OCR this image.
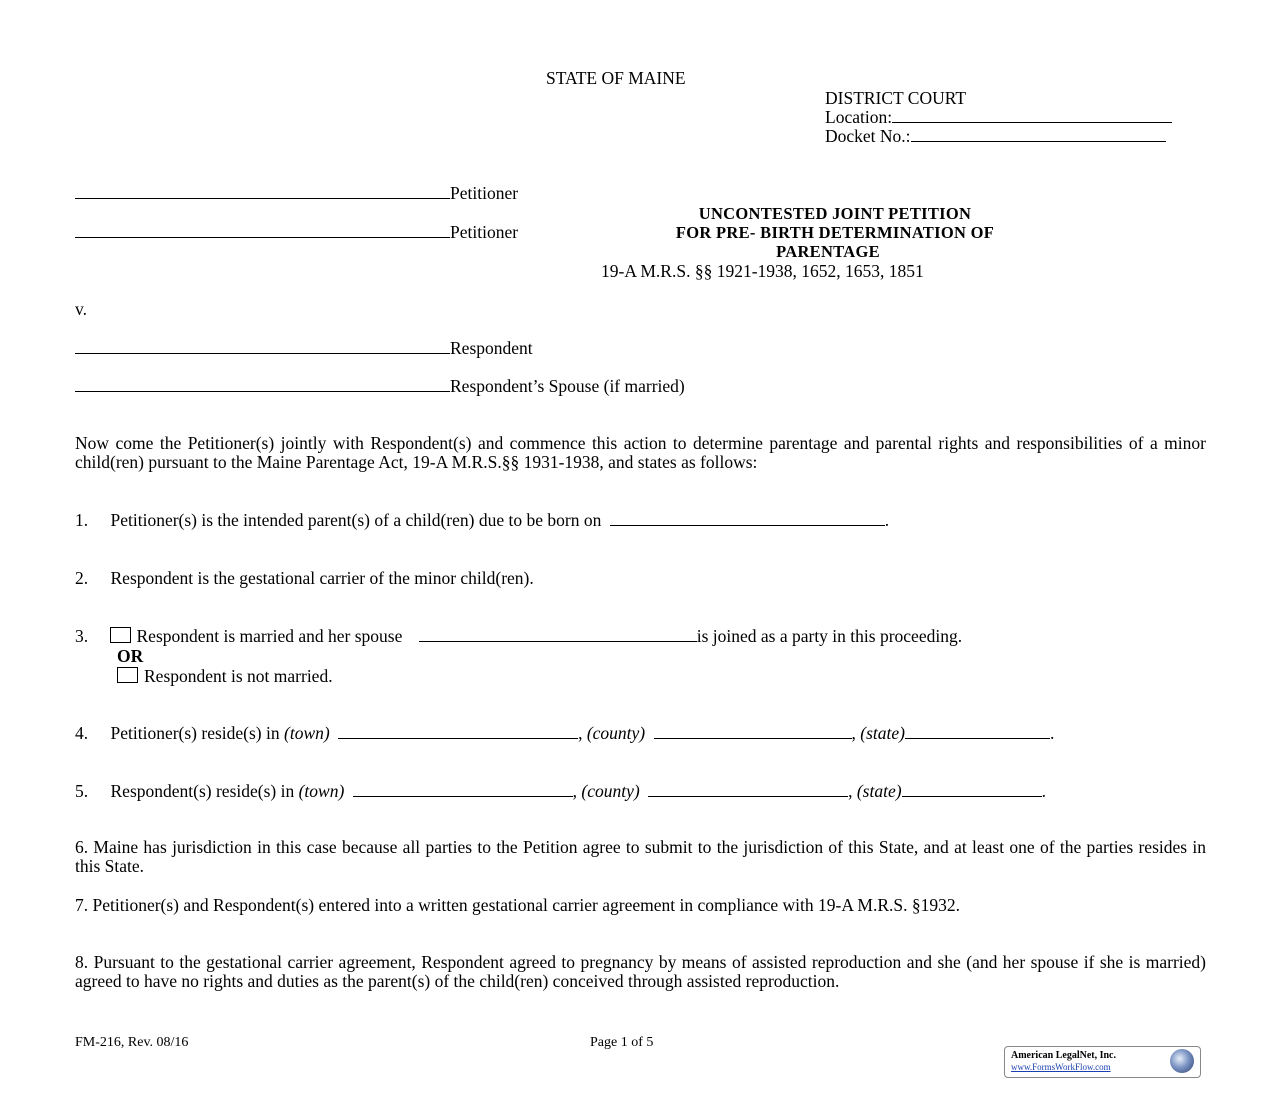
STATE OF MAINE
DISTRICT COURT
Location:
Docket No.:
Petitioner
Petitioner
UNCONTESTED JOINT PETITION
FOR PRE- BIRTH DETERMINATION OF
PARENTAGE
19-A M.R.S. §§ 1921-1938, 1652, 1653, 1851
v.
Respondent
Respondent’s Spouse (if married)
Now come the Petitioner(s) jointly with Respondent(s) and commence this action to determine parentage and parental rights and responsibilities of a minor child(ren) pursuant to the Maine Parentage Act, 19-A M.R.S.§§ 1931-1938, and states as follows:
1. Petitioner(s) is the intended parent(s) of a child(ren) due to be born on	.
2. Respondent is the gestational carrier of the minor child(ren).
3.	Respondent is married and her spouse	is joined as a party in this proceeding.
OR
Respondent is not married.
4. Petitioner(s) reside(s) in (town)	, (county)	, (state)	.
5. Respondent(s) reside(s) in (town)	, (county)	, (state)	.
6. Maine has jurisdiction in this case because all parties to the Petition agree to submit to the jurisdiction of this State, and at least one of the parties resides in this State.
7. Petitioner(s) and Respondent(s) entered into a written gestational carrier agreement in compliance with 19-A M.R.S. §1932.
8. Pursuant to the gestational carrier agreement, Respondent agreed to pregnancy by means of assisted reproduction and she (and her spouse if she is married) agreed to have no rights and duties as the parent(s) of the child(ren) conceived through assisted reproduction.
FM-216, Rev. 08/16	Page 1 of 5
American LegalNet, Inc.
www.FormsWorkFlow.com
